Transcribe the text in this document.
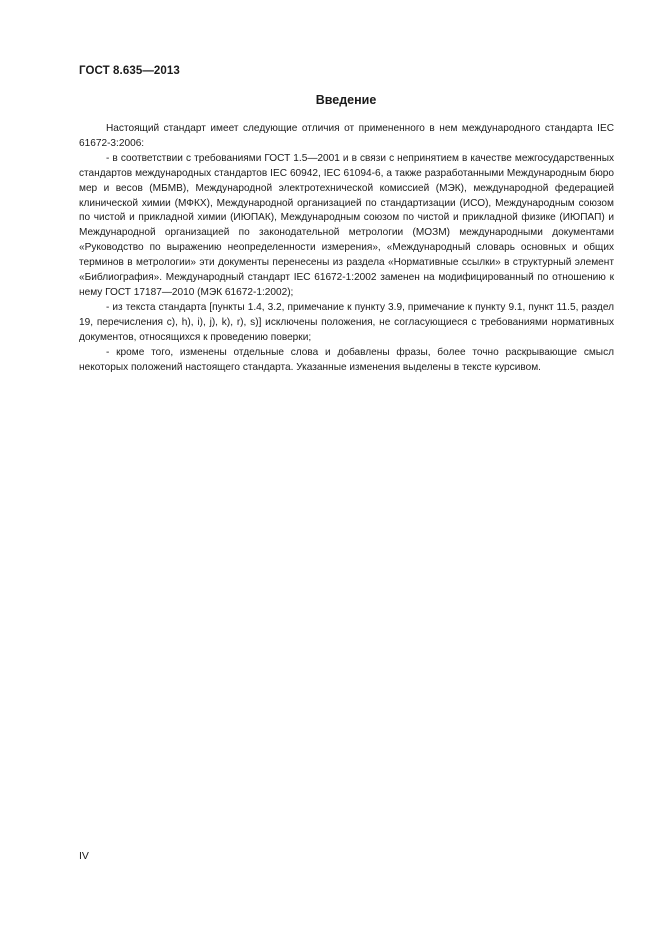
ГОСТ 8.635—2013
Введение

Настоящий стандарт имеет следующие отличия от примененного в нем международного стандарта IEC 61672-3:2006:

- в соответствии с требованиями ГОСТ 1.5—2001 и в связи с непринятием в качестве межгосударственных стандартов международных стандартов IEC 60942, IEC 61094-6, а также разработанными Международным бюро мер и весов (МБМВ), Международной электротехнической комиссией (МЭК), международной федерацией клинической химии (МФКХ), Международной организацией по стандартизации (ИСО), Международным союзом по чистой и прикладной химии (ИЮПАК), Международным союзом по чистой и прикладной физике (ИЮПАП) и Международной организацией по законодательной метрологии (МОЗМ) международными документами «Руководство по выражению неопределенности измерения», «Международный словарь основных и общих терминов в метрологии» эти документы перенесены из раздела «Нормативные ссылки» в структурный элемент «Библиография». Международный стандарт IEC 61672-1:2002 заменен на модифицированный по отношению к нему ГОСТ 17187—2010 (МЭК 61672-1:2002);

- из текста стандарта [пункты 1.4, 3.2, примечание к пункту 3.9, примечание к пункту 9.1, пункт 11.5, раздел 19, перечисления c), h), i), j), k), r), s)] исключены положения, не согласующиеся с требованиями нормативных документов, относящихся к проведению поверки;

- кроме того, изменены отдельные слова и добавлены фразы, более точно раскрывающие смысл некоторых положений настоящего стандарта. Указанные изменения выделены в тексте курсивом.

IV
